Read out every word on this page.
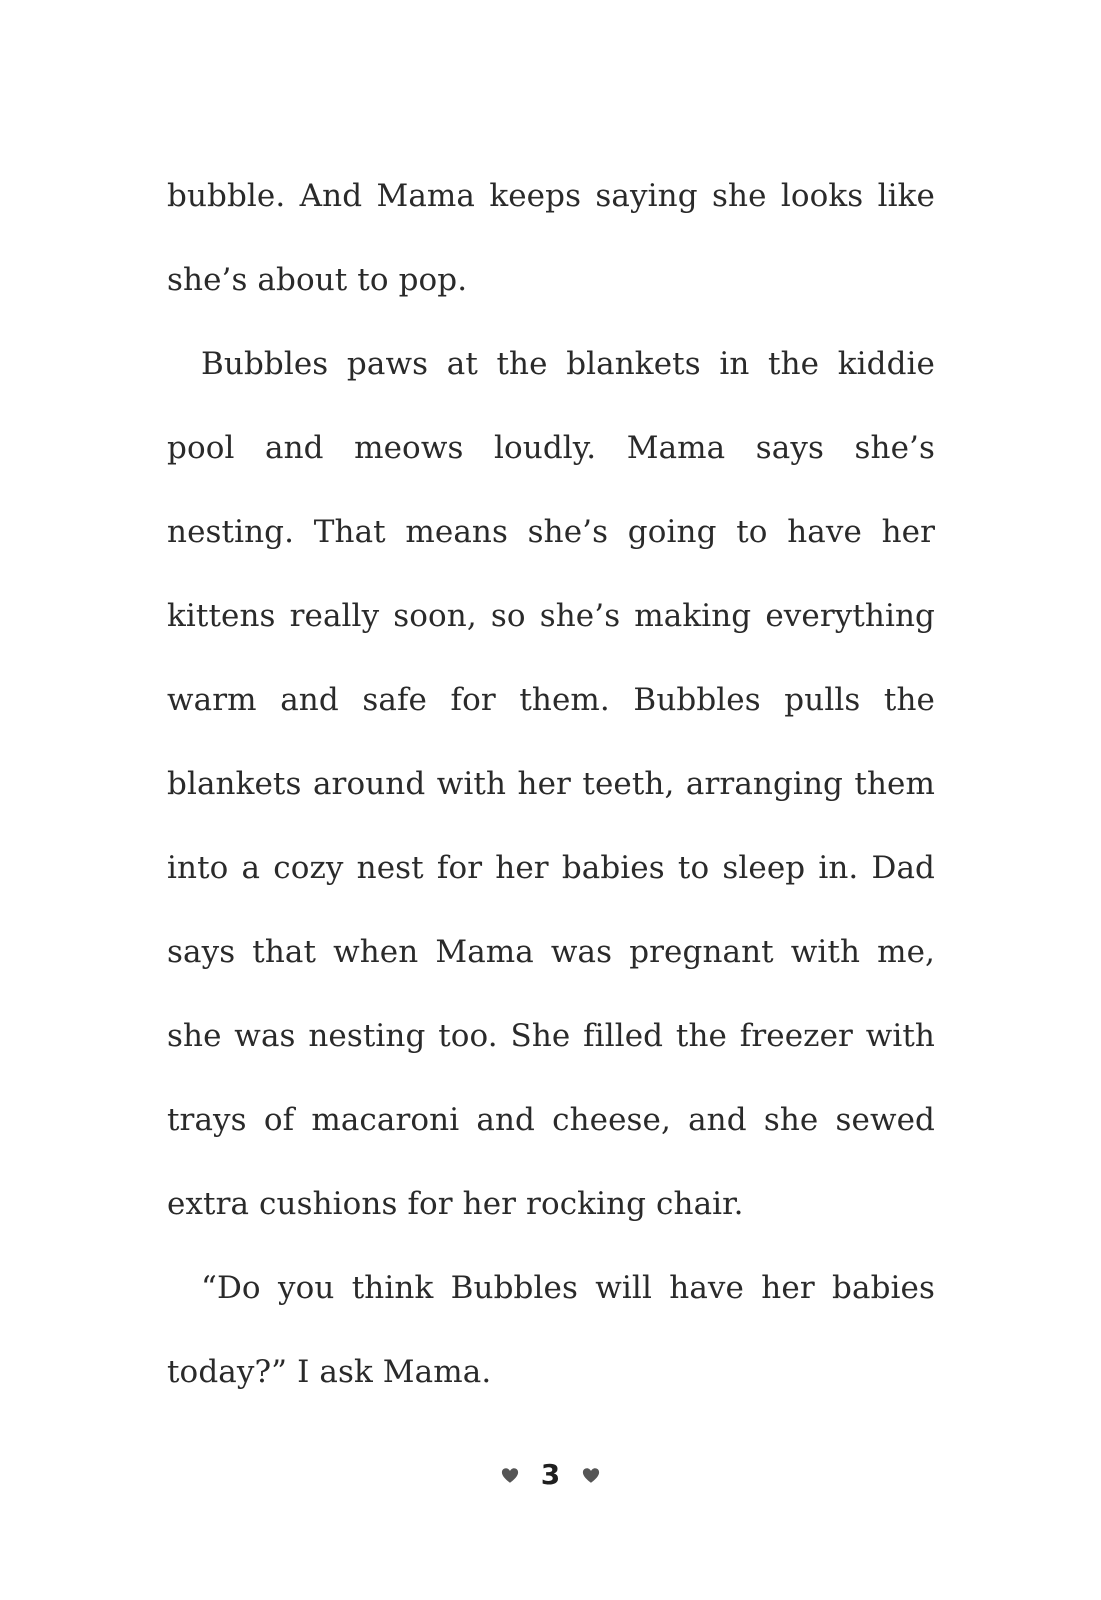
bubble. And Mama keeps saying she looks like she’s about to pop.

Bubbles paws at the blankets in the kiddie pool and meows loudly. Mama says she’s nesting. That means she’s going to have her kittens really soon, so she’s making everything warm and safe for them. Bubbles pulls the blankets around with her teeth, arranging them into a cozy nest for her babies to sleep in. Dad says that when Mama was pregnant with me, she was nesting too. She filled the freezer with trays of macaroni and cheese, and she sewed extra cushions for her rocking chair.

“Do you think Bubbles will have her babies today?” I ask Mama.

3
